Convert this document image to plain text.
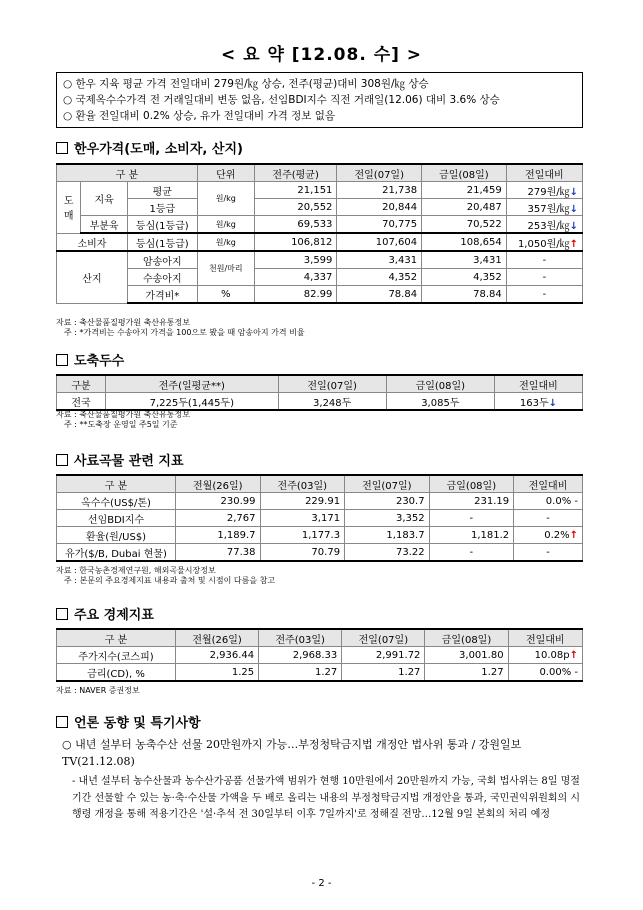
< 요 약 [12.08. 수] >
○ 한우 지육 평균 가격 전일대비 279원/㎏ 상승, 전주(평균)대비 308원/㎏ 상승
○ 국제옥수수가격 전 거래일대비 변동 없음, 선임BDI지수 직전 거래일(12.06) 대비 3.6% 상승
○ 환율 전일대비 0.2% 상승, 유가 전일대비 가격 정보 없음
한우가격(도매, 소비자, 산지)
구 분			단위	전주(평균)	전일(07일)	금일(08일)	전일대비
도 매	지육	평균	원/kg	21,151	21,738	21,459	279원/㎏↓
		1등급		20,552	20,844	20,487	357원/㎏↓
	부분육	등심(1등급)	원/kg	69,533	70,775	70,522	253원/㎏↓
소비자		등심(1등급)	원/kg	106,812	107,604	108,654	1,050원/㎏↑
산지		암송아지	천원/마리	3,599	3,431	3,431	-
		수송아지		4,337	4,352	4,352	-
		가격비*	%	82.99	78.84	78.84	-
자료 : 축산물품질평가원 축산유통정보
주 : *가격비는 수송아지 가격을 100으로 봤을 때 암송아지 가격 비율
도축두수
구분	전주(일평균**)	전일(07일)	금일(08일)	전일대비
전국	7,225두(1,445두)	3,248두	3,085두	163두↓
자료 : 축산물품질평가원 축산유통정보
주 : **도축장 운영일 주5일 기준
사료곡물 관련 지표
구 분	전월(26일)	전주(03일)	전일(07일)	금일(08일)	전일대비
옥수수(US$/톤)	230.99	229.91	230.7	231.19	0.0% -
선임BDI지수	2,767	3,171	3,352	-	-
환율(원/US$)	1,189.7	1,177.3	1,183.7	1,181.2	0.2%↑
유가($/B, Dubai 현물)	77.38	70.79	73.22	-	-
자료 : 한국농촌경제연구원, 해외곡물시장정보
주 : 본문의 주요경제지표 내용과 출처 및 시점이 다름을 참고
주요 경제지표
구 분	전월(26일)	전주(03일)	전일(07일)	금일(08일)	전일대비
주가지수(코스피)	2,936.44	2,968.33	2,991.72	3,001.80	10.08p↑
금리(CD), %	1.25	1.27	1.27	1.27	0.00% -
자료 : NAVER 증권정보
언론 동향 및 특기사항
○ 내년 설부터 농축수산 선물 20만원까지 가능…부정청탁금지법 개정안 법사위 통과 / 강원일보TV(21.12.08)
- 내년 설부터 농수산물과 농수산가공품 선물가액 범위가 현행 10만원에서 20만원까지 가능, 국회 법사위는 8일 명절 기간 선물할 수 있는 농·축·수산물 가액을 두 배로 올리는 내용의 부정청탁금지법 개정안을 통과, 국민권익위원회의 시행령 개정을 통해 적용기간은 '설·추석 전 30일부터 이후 7일까지'로 정해질 전망…12월 9일 본회의 처리 예정
- 2 -
